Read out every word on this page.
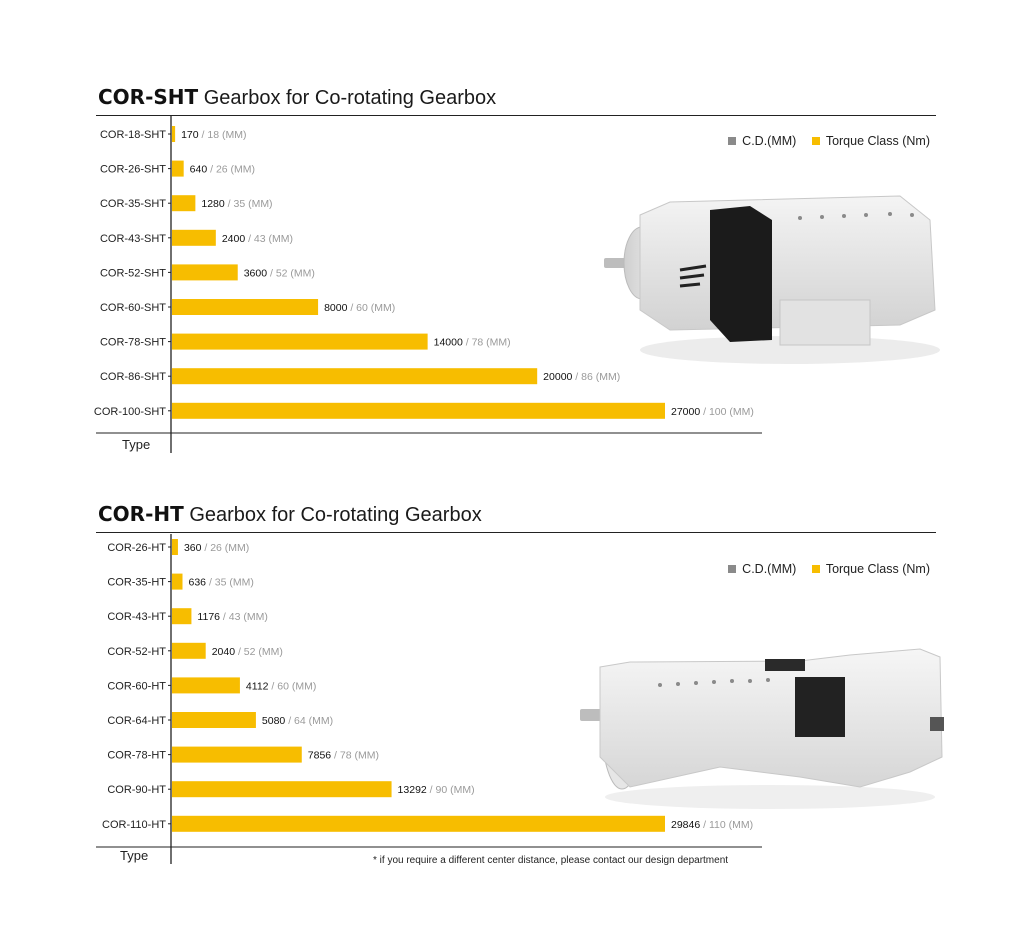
COR-SHT Gearbox for Co-rotating Gearbox
C.D.(MM) Torque Class (Nm)
Type
COR-18-SHT 170 / 18 (MM)
COR-26-SHT 640 / 26 (MM)
COR-35-SHT	1280 / 35 (MM)
COR-43-SHT	2400 / 43 (MM)
COR-52-SHT	3600 / 52 (MM)
COR-60-SHT	8000 / 60 (MM)
COR-78-SHT	14000 / 78 (MM)
COR-86-SHT	20000 / 86 (MM)
COR-100-SHT	27000 / 100 (MM)
COR-HT Gearbox for Co-rotating Gearbox
C.D.(MM) Torque Class (Nm)
Type
COR-26-HT 360 / 26 (MM)
COR-35-HT 636 / 35 (MM)
COR-43-HT	1176 / 43 (MM)
COR-52-HT	2040 / 52 (MM)
COR-60-HT	4112 / 60 (MM)
COR-64-HT	5080 / 64 (MM)
COR-78-HT	7856 / 78 (MM)
COR-90-HT	13292 / 90 (MM)
COR-110-HT	29846 / 110 (MM)
* if you require a different center distance, please contact our design department
